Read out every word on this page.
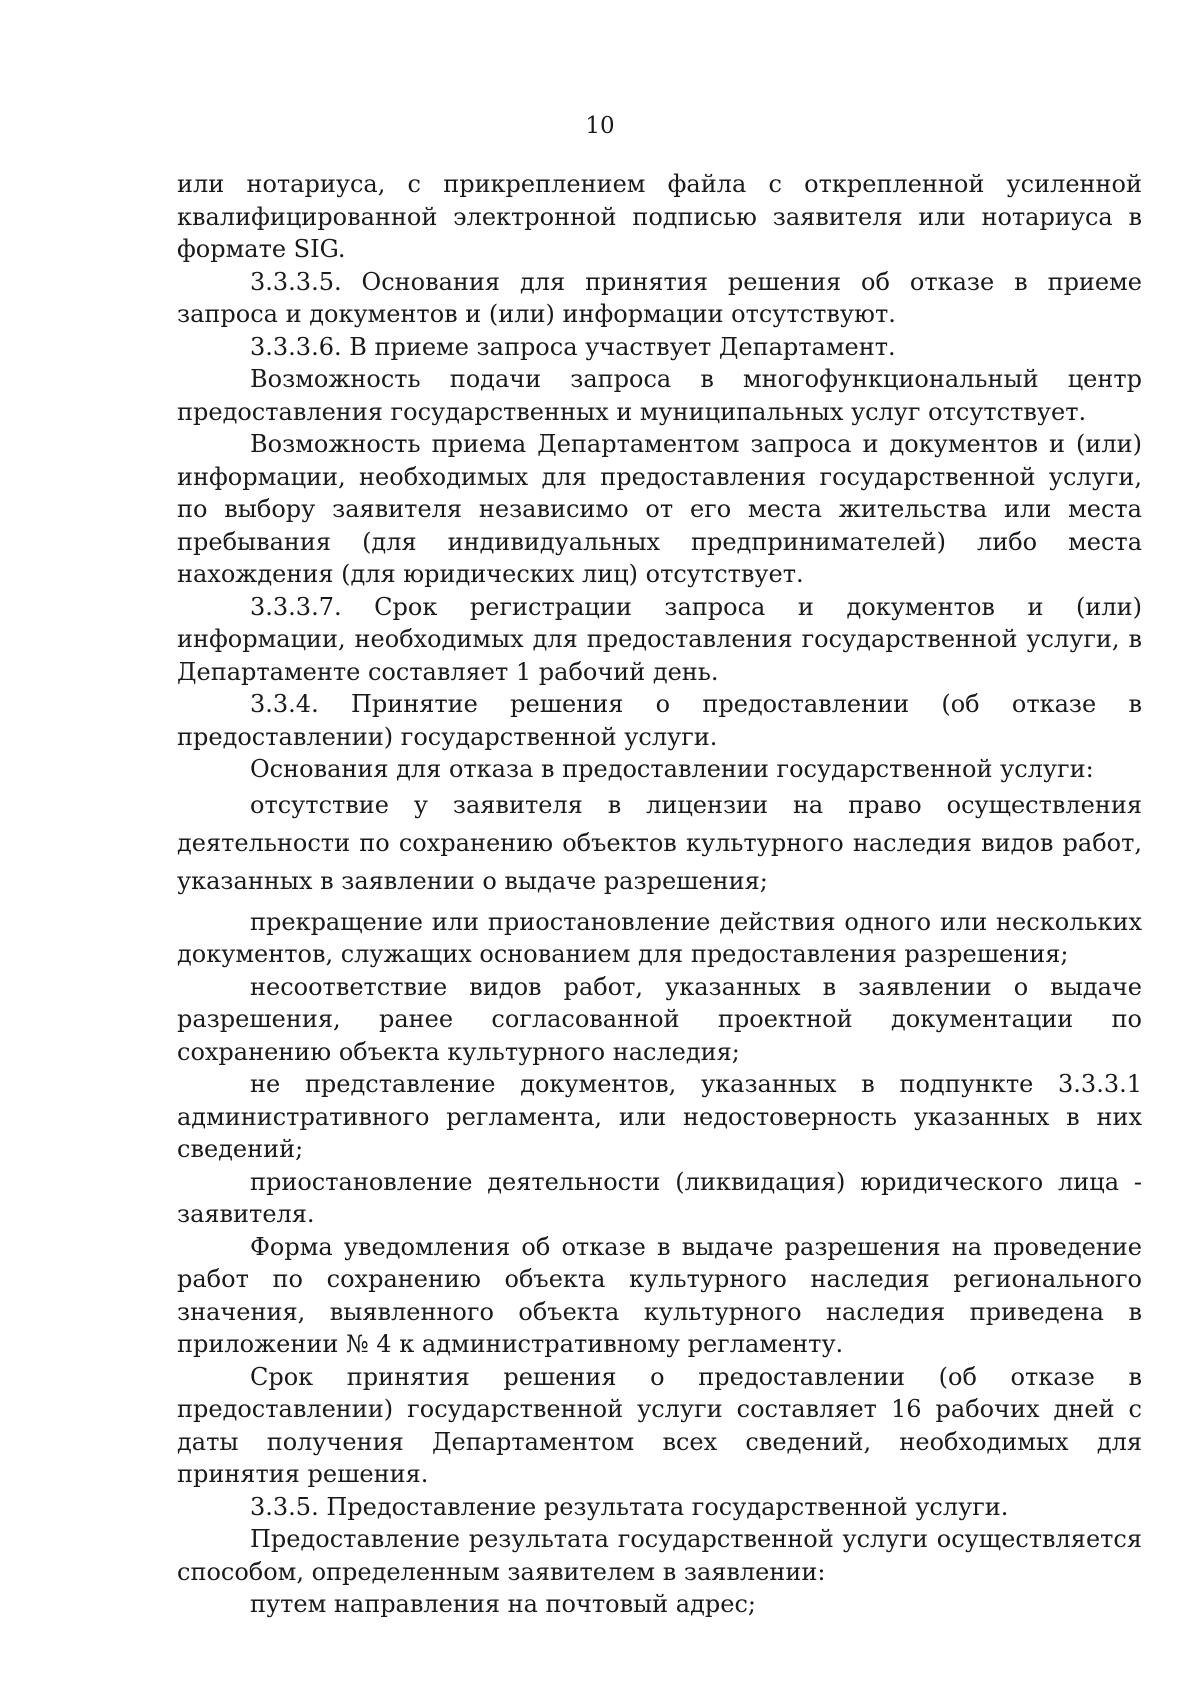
10

или нотариуса, с прикреплением файла с открепленной усиленной квалифицированной электронной подписью заявителя или нотариуса в формате SIG.

3.3.3.5. Основания для принятия решения об отказе в приеме запроса и документов и (или) информации отсутствуют.

3.3.3.6. В приеме запроса участвует Департамент.

Возможность подачи запроса в многофункциональный центр предоставления государственных и муниципальных услуг отсутствует.

Возможность приема Департаментом запроса и документов и (или) информации, необходимых для предоставления государственной услуги, по выбору заявителя независимо от его места жительства или места пребывания (для индивидуальных предпринимателей) либо места нахождения (для юридических лиц) отсутствует.

3.3.3.7. Срок регистрации запроса и документов и (или) информации, необходимых для предоставления государственной услуги, в Департаменте составляет 1 рабочий день.

3.3.4. Принятие решения о предоставлении (об отказе в предоставлении) государственной услуги.

Основания для отказа в предоставлении государственной услуги:

отсутствие у заявителя в лицензии на право осуществления деятельности по сохранению объектов культурного наследия видов работ, указанных в заявлении о выдаче разрешения;

прекращение или приостановление действия одного или нескольких документов, служащих основанием для предоставления разрешения;

несоответствие видов работ, указанных в заявлении о выдаче разрешения, ранее согласованной проектной документации по сохранению объекта культурного наследия;

не представление документов, указанных в подпункте 3.3.3.1 административного регламента, или недостоверность указанных в них сведений;

приостановление деятельности (ликвидация) юридического лица - заявителя.

Форма уведомления об отказе в выдаче разрешения на проведение работ по сохранению объекта культурного наследия регионального значения, выявленного объекта культурного наследия приведена в приложении № 4 к административному регламенту.

Срок принятия решения о предоставлении (об отказе в предоставлении) государственной услуги составляет 16 рабочих дней с даты получения Департаментом всех сведений, необходимых для принятия решения.

3.3.5. Предоставление результата государственной услуги.

Предоставление результата государственной услуги осуществляется способом, определенным заявителем в заявлении:

путем направления на почтовый адрес;
